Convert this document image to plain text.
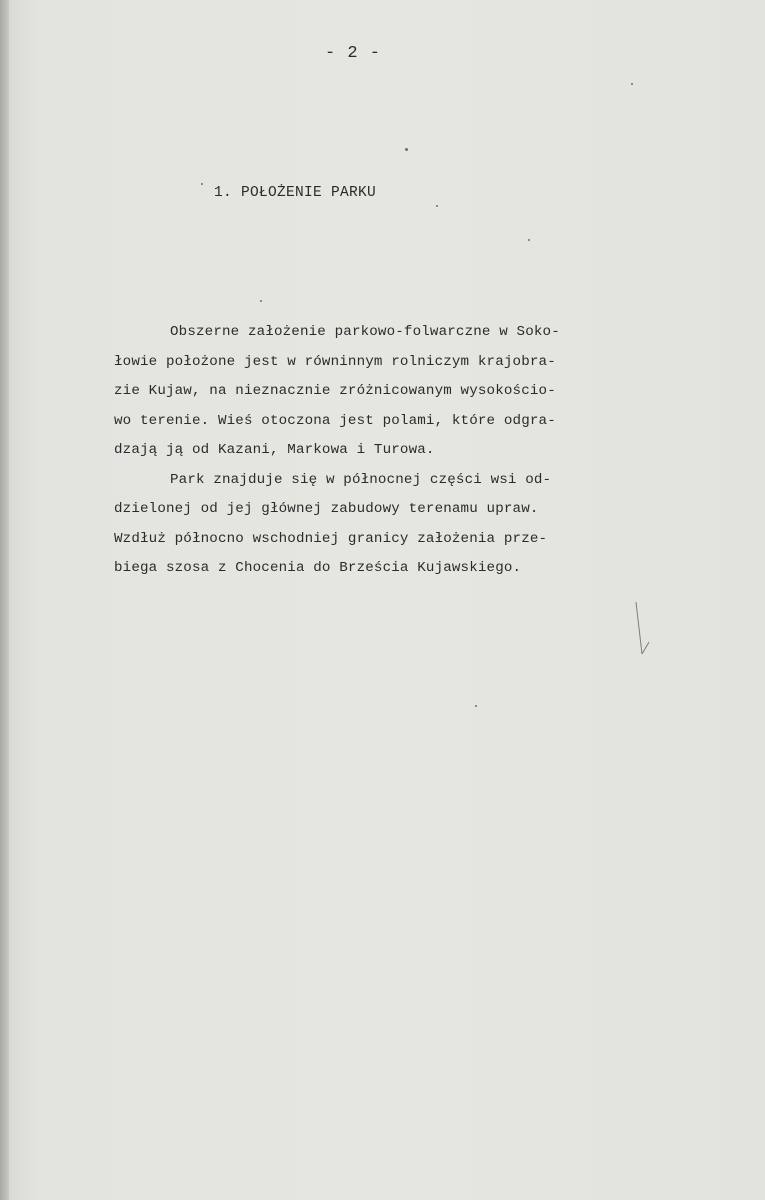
- 2 -
1. POŁOŻENIE PARKU
Obszerne założenie parkowo-folwarczne w Soko-
łowie położone jest w równinnym rolniczym krajobra-
zie Kujaw, na nieznacznie zróżnicowanym wysokościo-
wo terenie. Wieś otoczona jest polami, które odgra-
dzają ją od Kazani, Markowa i Turowa.
Park znajduje się w północnej części wsi od-
dzielonej od jej głównej zabudowy terenamu upraw.
Wzdłuż północno wschodniej granicy założenia prze-
biega szosa z Chocenia do Brześcia Kujawskiego.
